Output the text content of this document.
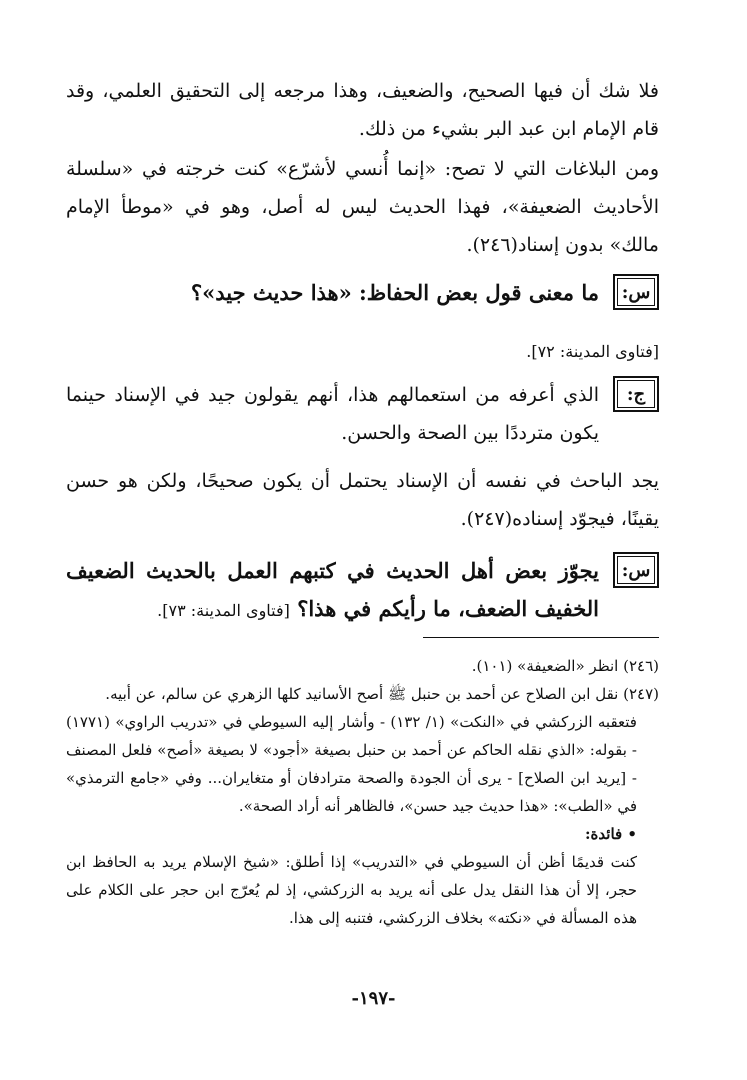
فلا شك أن فيها الصحيح، والضعيف، وهذا مرجعه إلى التحقيق العلمي، وقد قام الإمام ابن عبد البر بشيء من ذلك.

ومن البلاغات التي لا تصح: «إنما أُنسي لأشرّع» كنت خرجته في «سلسلة الأحاديث الضعيفة»، فهذا الحديث ليس له أصل، وهو في «موطأ الإمام مالك» بدون إسناد(٢٤٦).

س:
ما معنى قول بعض الحفاظ: «هذا حديث جيد»؟
[فتاوى المدينة: ٧٢].
ج:
الذي أعرفه من استعمالهم هذا، أنهم يقولون جيد في الإسناد حينما يكون مترددًا بين الصحة والحسن.

يجد الباحث في نفسه أن الإسناد يحتمل أن يكون صحيحًا، ولكن هو حسن يقينًا، فيجوّد إسناده(٢٤٧).

س:
يجوّز بعض أهل الحديث في كتبهم العمل بالحديث الضعيف الخفيف الضعف، ما رأيكم في هذا؟ [فتاوى المدينة: ٧٣].

(٢٤٦) انظر «الضعيفة» (١٠١).

(٢٤٧) نقل ابن الصلاح عن أحمد بن حنبل ﷺ أصح الأسانيد كلها الزهري عن سالم، عن أبيه.

فتعقبه الزركشي في «النكت» (١/ ١٣٢) - وأشار إليه السيوطي في «تدريب الراوي» (١٧٧١) - بقوله: «الذي نقله الحاكم عن أحمد بن حنبل بصيغة «أجود» لا بصيغة «أصح» فلعل المصنف - [يريد ابن الصلاح] - يرى أن الجودة والصحة مترادفان أو متغايران... وفي «جامع الترمذي» في «الطب»: «هذا حديث جيد حسن»، فالظاهر أنه أراد الصحة».

• فائدة:

كنت قديمًا أظن أن السيوطي في «التدريب» إذا أطلق: «شيخ الإسلام يريد به الحافظ ابن حجر، إلا أن هذا النقل يدل على أنه يريد به الزركشي، إذ لم يُعرّج ابن حجر على الكلام على هذه المسألة في «نكته» بخلاف الزركشي، فتنبه إلى هذا.

-١٩٧-
